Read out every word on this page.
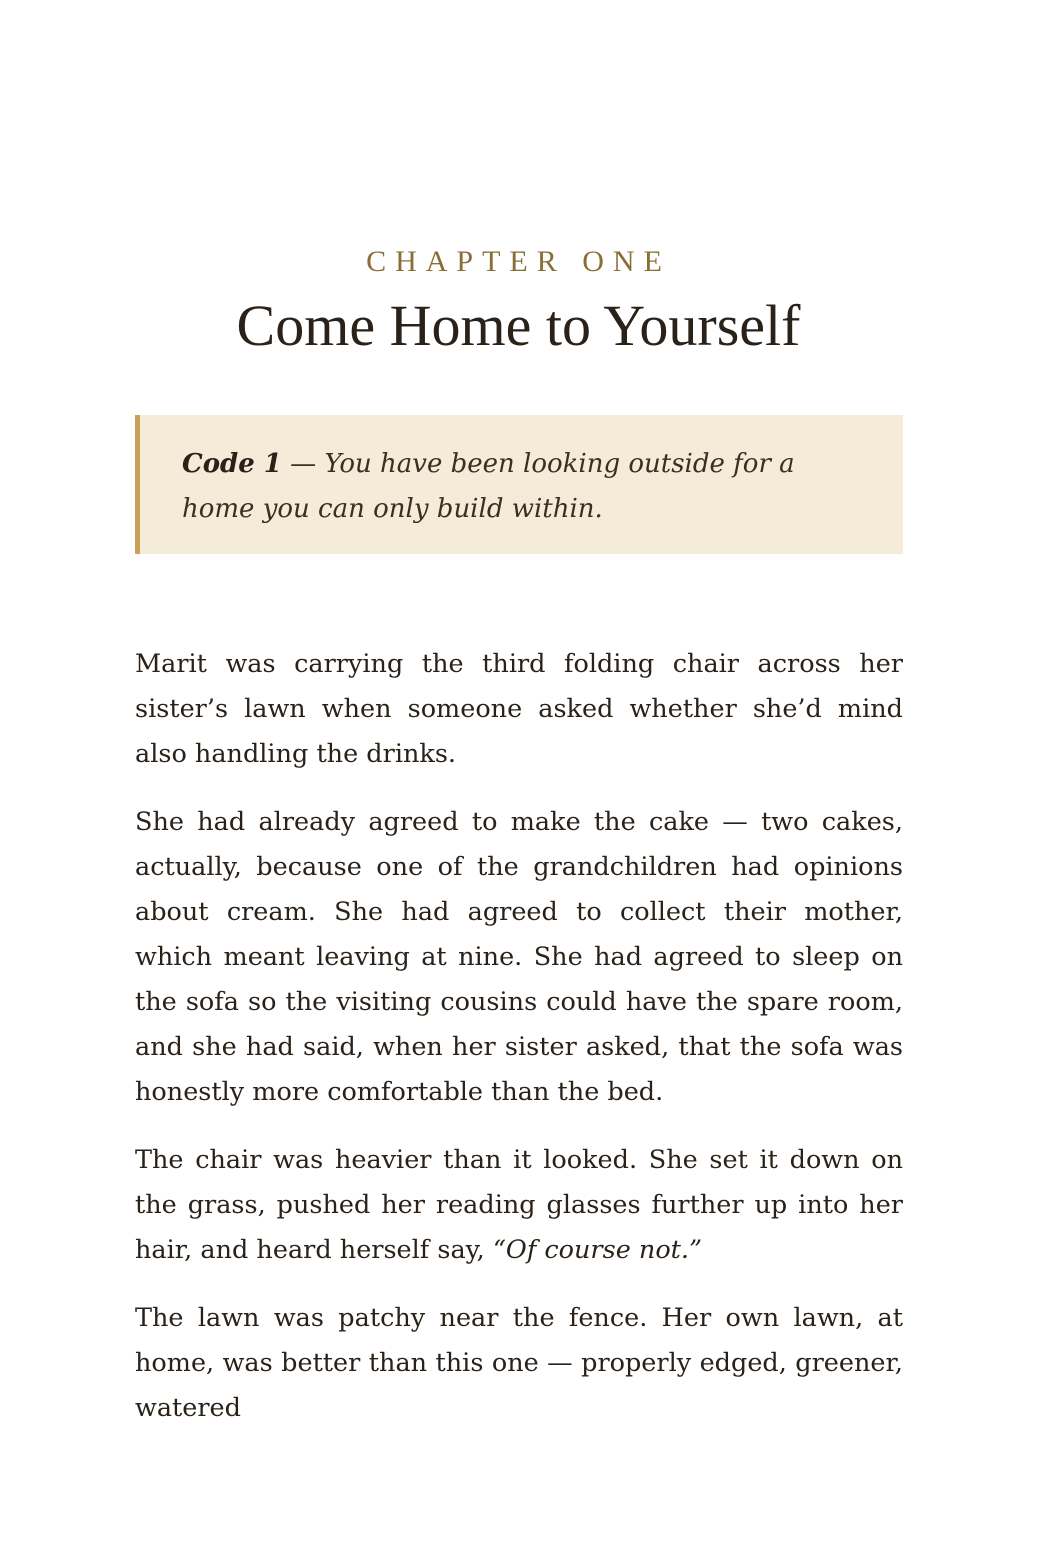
CHAPTER ONE
Come Home to Yourself
Code 1 — You have been looking outside for a home you can only build within.

Marit was carrying the third folding chair across her sister’s lawn when someone asked whether she’d mind also handling the drinks.

She had already agreed to make the cake — two cakes, actually, because one of the grandchildren had opinions about cream. She had agreed to collect their mother, which meant leaving at nine. She had agreed to sleep on the sofa so the visiting cousins could have the spare room, and she had said, when her sister asked, that the sofa was honestly more comfortable than the bed.

The chair was heavier than it looked. She set it down on the grass, pushed her reading glasses further up into her hair, and heard herself say, “Of course not.”

The lawn was patchy near the fence. Her own lawn, at home, was better than this one — properly edged, greener, watered
